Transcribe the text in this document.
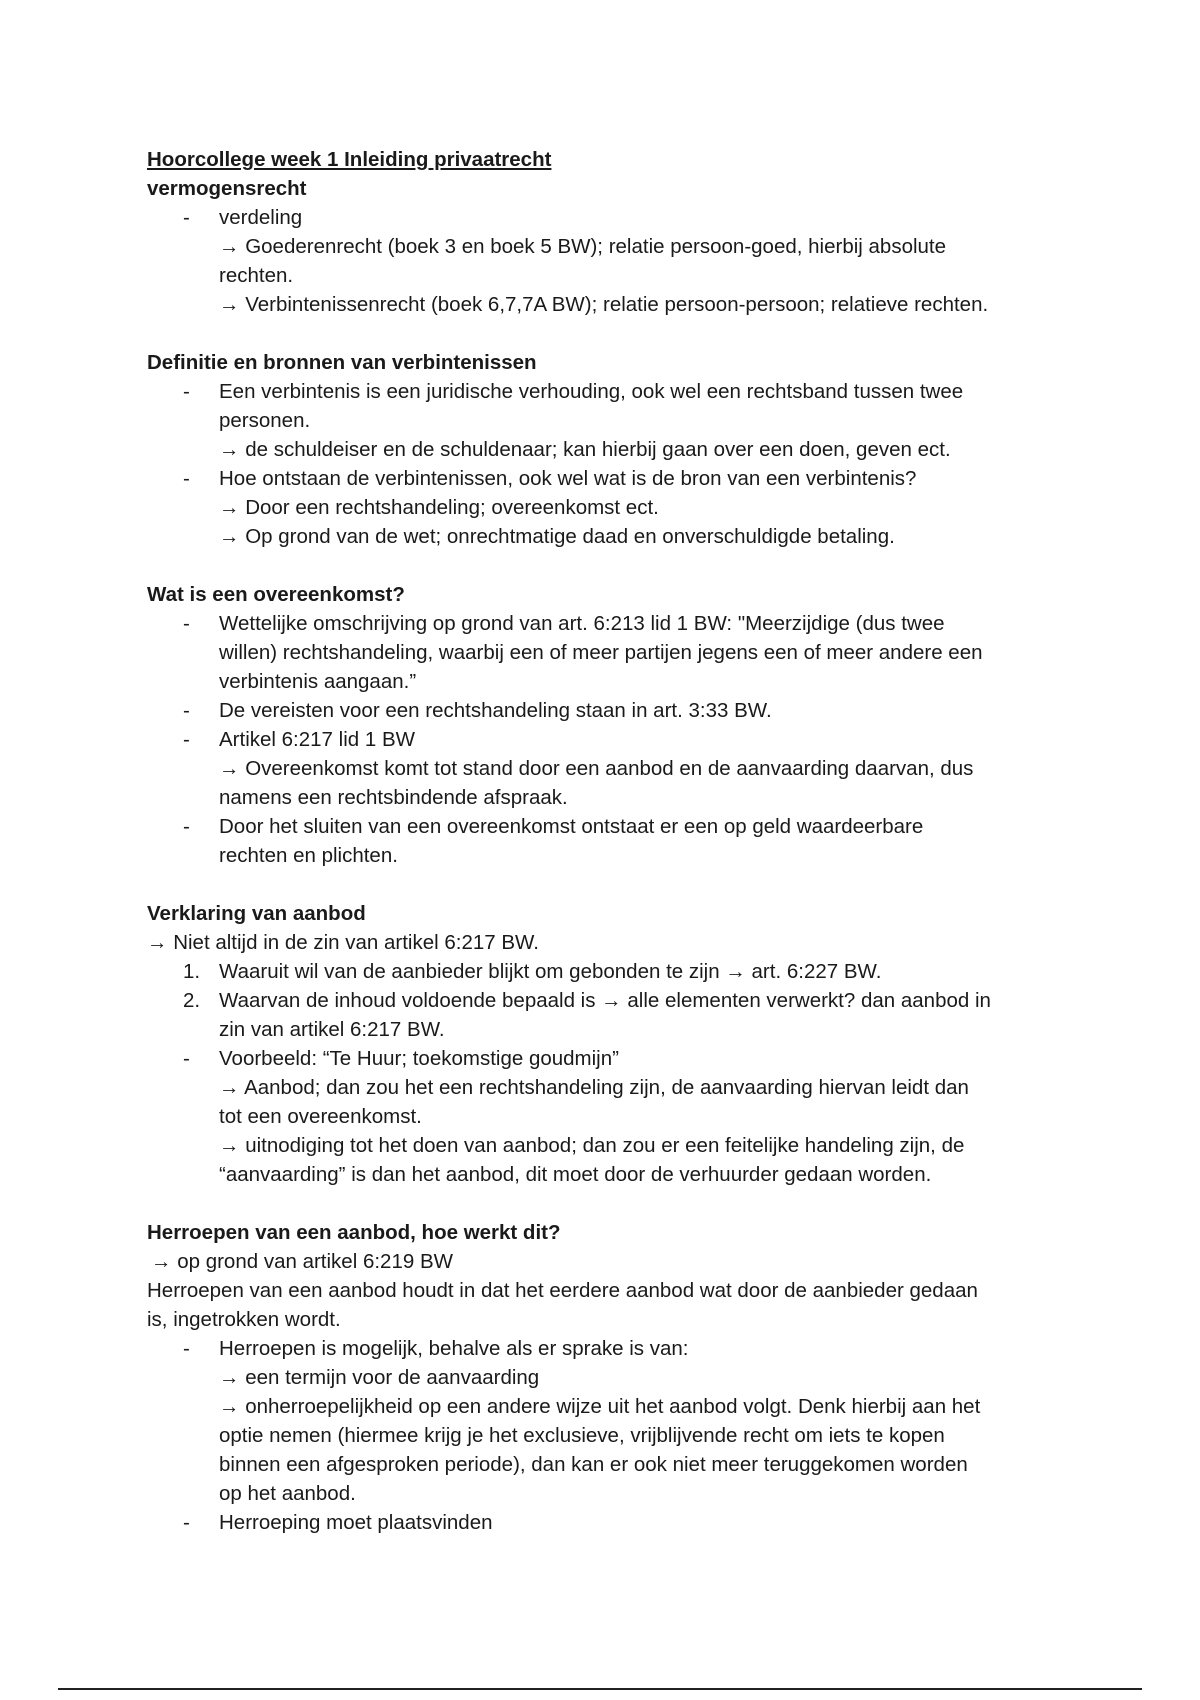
Hoorcollege week 1 Inleiding privaatrecht
vermogensrecht
- verdeling
→ Goederenrecht (boek 3 en boek 5 BW); relatie persoon-goed, hierbij absolute
rechten.
→ Verbintenissenrecht (boek 6,7,7A BW); relatie persoon-persoon; relatieve rechten.
Definitie en bronnen van verbintenissen
- Een verbintenis is een juridische verhouding, ook wel een rechtsband tussen twee
personen.
→ de schuldeiser en de schuldenaar; kan hierbij gaan over een doen, geven ect.
- Hoe ontstaan de verbintenissen, ook wel wat is de bron van een verbintenis?
→ Door een rechtshandeling; overeenkomst ect.
→ Op grond van de wet; onrechtmatige daad en onverschuldigde betaling.
Wat is een overeenkomst?
- Wettelijke omschrijving op grond van art. 6:213 lid 1 BW: "Meerzijdige (dus twee
willen) rechtshandeling, waarbij een of meer partijen jegens een of meer andere een
verbintenis aangaan.”
- De vereisten voor een rechtshandeling staan in art. 3:33 BW.
- Artikel 6:217 lid 1 BW
→ Overeenkomst komt tot stand door een aanbod en de aanvaarding daarvan, dus
namens een rechtsbindende afspraak.
- Door het sluiten van een overeenkomst ontstaat er een op geld waardeerbare
rechten en plichten.
Verklaring van aanbod
→ Niet altijd in de zin van artikel 6:217 BW.
1. Waaruit wil van de aanbieder blijkt om gebonden te zijn → art. 6:227 BW.
2. Waarvan de inhoud voldoende bepaald is → alle elementen verwerkt? dan aanbod in
zin van artikel 6:217 BW.
- Voorbeeld: “Te Huur; toekomstige goudmijn”
→ Aanbod; dan zou het een rechtshandeling zijn, de aanvaarding hiervan leidt dan
tot een overeenkomst.
→ uitnodiging tot het doen van aanbod; dan zou er een feitelijke handeling zijn, de
“aanvaarding” is dan het aanbod, dit moet door de verhuurder gedaan worden.
Herroepen van een aanbod, hoe werkt dit?
→ op grond van artikel 6:219 BW
Herroepen van een aanbod houdt in dat het eerdere aanbod wat door de aanbieder gedaan
is, ingetrokken wordt.
- Herroepen is mogelijk, behalve als er sprake is van:
→ een termijn voor de aanvaarding
→ onherroepelijkheid op een andere wijze uit het aanbod volgt. Denk hierbij aan het
optie nemen (hiermee krijg je het exclusieve, vrijblijvende recht om iets te kopen
binnen een afgesproken periode), dan kan er ook niet meer teruggekomen worden
op het aanbod.
- Herroeping moet plaatsvinden
